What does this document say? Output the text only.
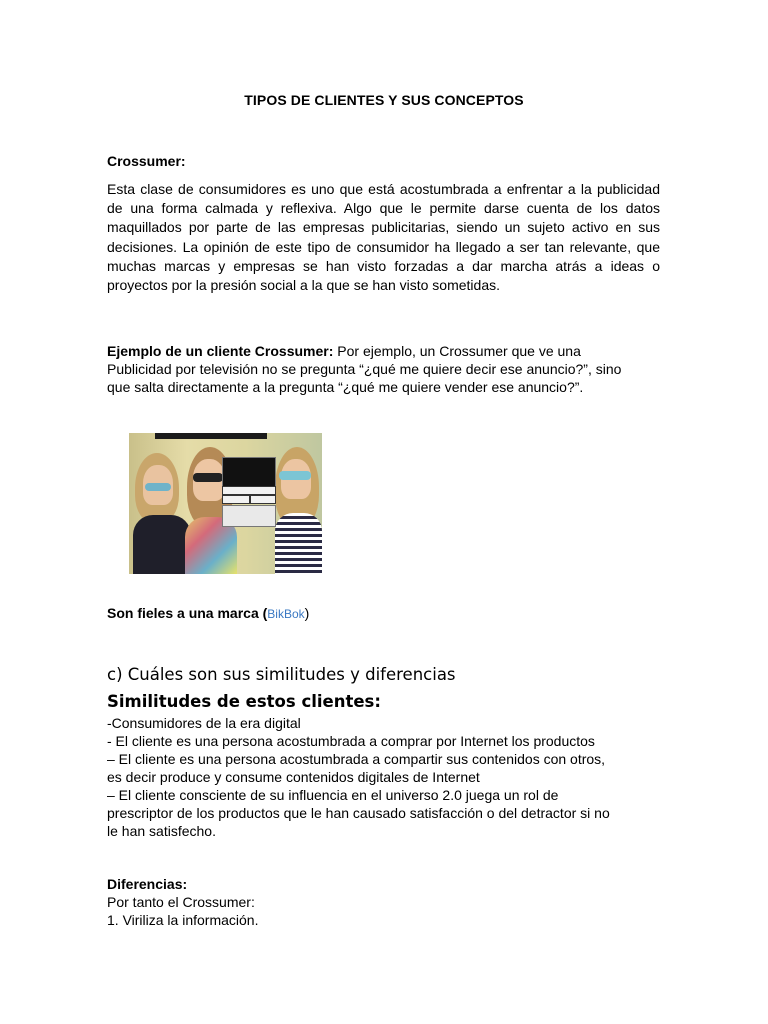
TIPOS DE CLIENTES Y SUS CONCEPTOS
Crossumer:
Esta clase de consumidores es uno que está acostumbrada a enfrentar a la publicidad de una forma calmada y reflexiva. Algo que le permite darse cuenta de los datos maquillados por parte de las empresas publicitarias, siendo un sujeto activo en sus decisiones. La opinión de este tipo de consumidor ha llegado a ser tan relevante, que muchas marcas y empresas se han visto forzadas a dar marcha atrás a ideas o proyectos por la presión social a la que se han visto sometidas.
Ejemplo de un cliente Crossumer: Por ejemplo, un Crossumer que ve una
Publicidad por televisión no se pregunta “¿qué me quiere decir ese anuncio?”, sino
que salta directamente a la pregunta “¿qué me quiere vender ese anuncio?”.
Son fieles a una marca (BikBok)
c) Cuáles son sus similitudes y diferencias
Similitudes de estos clientes:
-Consumidores de la era digital
- El cliente es una persona acostumbrada a comprar por Internet los productos
– El cliente es una persona acostumbrada a compartir sus contenidos con otros,
es decir produce y consume contenidos digitales de Internet
– El cliente consciente de su influencia en el universo 2.0 juega un rol de
prescriptor de los productos que le han causado satisfacción o del detractor si no
le han satisfecho.
Diferencias:
Por tanto el Crossumer:
1. Viriliza la información.
